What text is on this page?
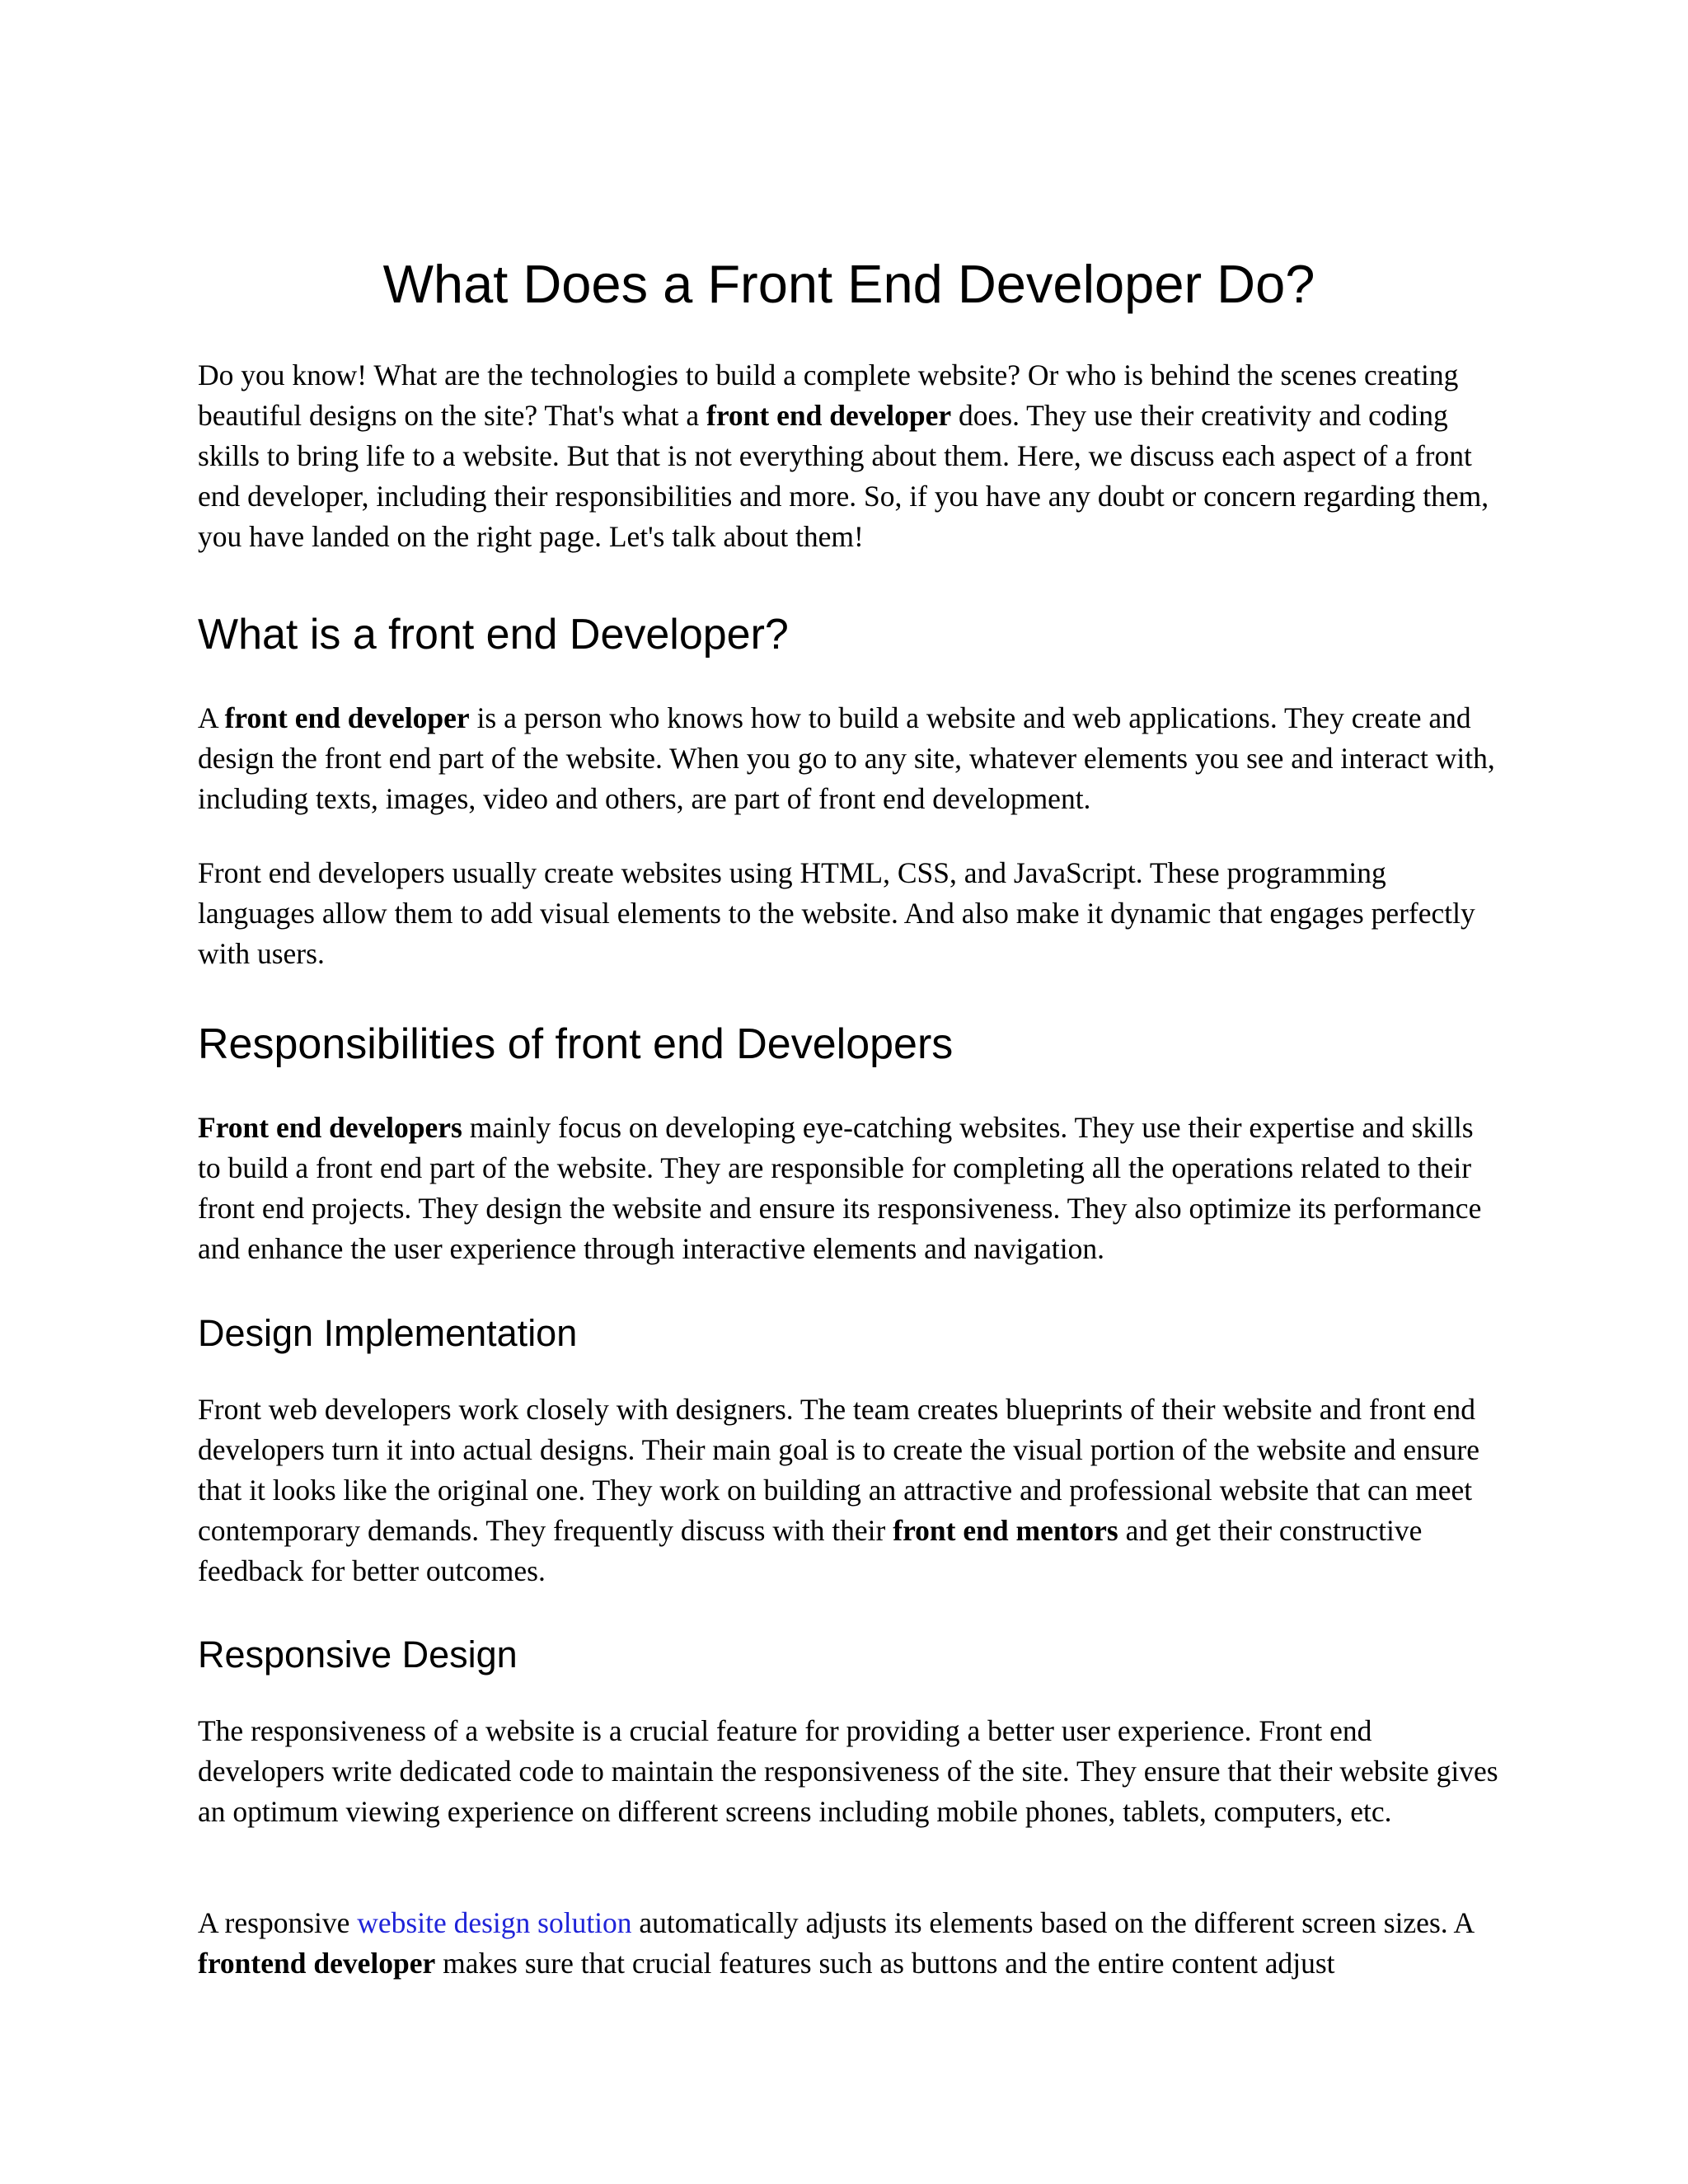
What Does a Front End Developer Do?

Do you know! What are the technologies to build a complete website? Or who is behind the scenes creating beautiful designs on the site? That's what a front end developer does. They use their creativity and coding skills to bring life to a website. But that is not everything about them. Here, we discuss each aspect of a front end developer, including their responsibilities and more. So, if you have any doubt or concern regarding them, you have landed on the right page. Let's talk about them!

What is a front end Developer?

A front end developer is a person who knows how to build a website and web applications. They create and design the front end part of the website. When you go to any site, whatever elements you see and interact with, including texts, images, video and others, are part of front end development.

Front end developers usually create websites using HTML, CSS, and JavaScript. These programming languages allow them to add visual elements to the website. And also make it dynamic that engages perfectly with users.

Responsibilities of front end Developers

Front end developers mainly focus on developing eye-catching websites. They use their expertise and skills to build a front end part of the website. They are responsible for completing all the operations related to their front end projects. They design the website and ensure its responsiveness. They also optimize its performance and enhance the user experience through interactive elements and navigation.

Design Implementation

Front web developers work closely with designers. The team creates blueprints of their website and front end developers turn it into actual designs. Their main goal is to create the visual portion of the website and ensure that it looks like the original one. They work on building an attractive and professional website that can meet contemporary demands. They frequently discuss with their front end mentors and get their constructive feedback for better outcomes.

Responsive Design

The responsiveness of a website is a crucial feature for providing a better user experience. Front end developers write dedicated code to maintain the responsiveness of the site. They ensure that their website gives an optimum viewing experience on different screens including mobile phones, tablets, computers, etc.

A responsive website design solution automatically adjusts its elements based on the different screen sizes. A frontend developer makes sure that crucial features such as buttons and the entire content adjust
